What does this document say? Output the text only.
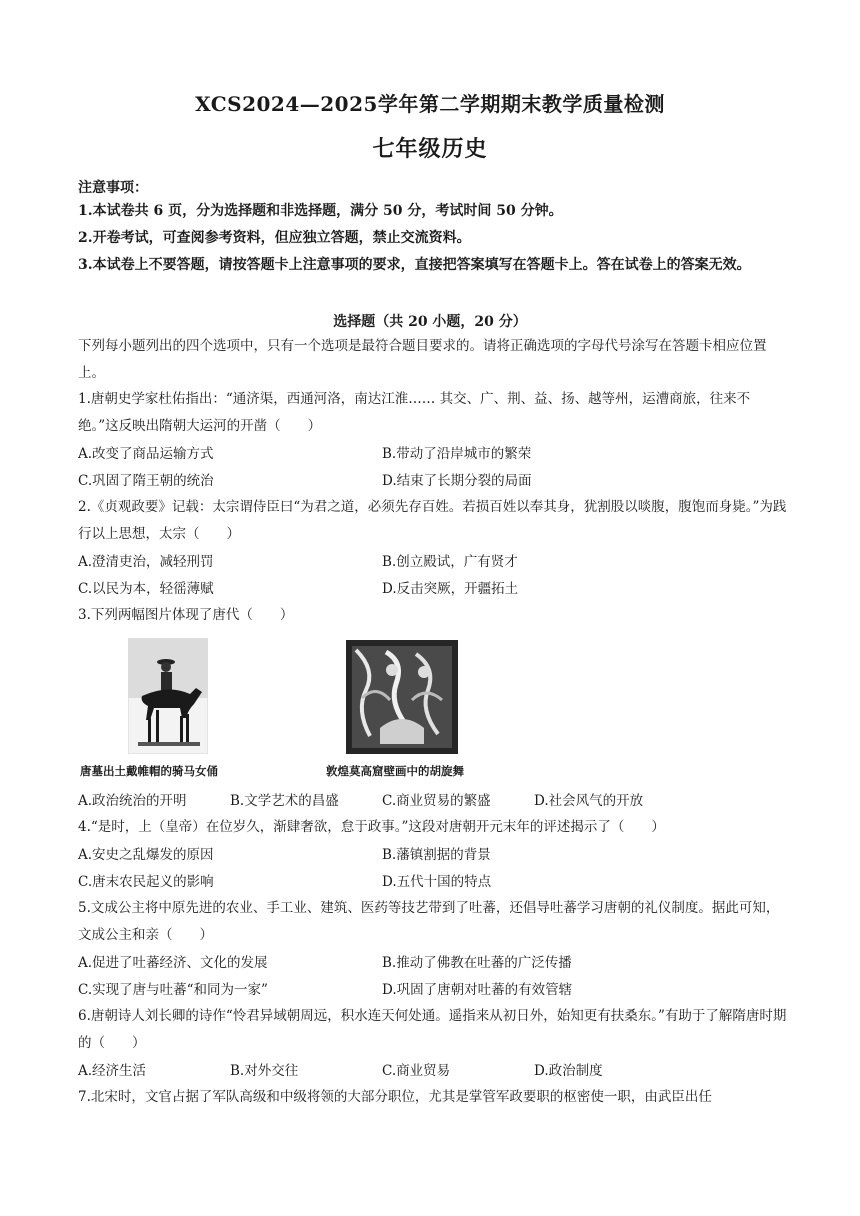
XCS2024—2025学年第二学期期末教学质量检测
七年级历史
注意事项：
1.本试卷共 6 页，分为选择题和非选择题，满分 50 分，考试时间 50 分钟。
2.开卷考试，可查阅参考资料，但应独立答题，禁止交流资料。
3.本试卷上不要答题，请按答题卡上注意事项的要求，直接把答案填写在答题卡上。答在试卷上的答案无效。
选择题（共 20 小题，20 分）
下列每小题列出的四个选项中，只有一个选项是最符合题目要求的。请将正确选项的字母代号涂写在答题卡相应位置上。
1.唐朝史学家杜佑指出：“通济渠，西通河洛，南达江淮…… 其交、广、荆、益、扬、越等州，运漕商旅，往来不绝。”这反映出隋朝大运河的开凿（　　）
A.改变了商品运输方式	B.带动了沿岸城市的繁荣
C.巩固了隋王朝的统治	D.结束了长期分裂的局面
2.《贞观政要》记载：太宗谓侍臣曰“为君之道，必须先存百姓。若损百姓以奉其身，犹割股以啖腹，腹饱而身毙。”为践行以上思想，太宗（　　）
A.澄清吏治，减轻刑罚	B.创立殿试，广有贤才
C.以民为本，轻徭薄赋	D.反击突厥，开疆拓土
3.下列两幅图片体现了唐代（　　）
唐墓出土戴帷帽的骑马女俑	敦煌莫高窟壁画中的胡旋舞
A.政治统治的开明	B.文学艺术的昌盛	C.商业贸易的繁盛	D.社会风气的开放
4.“是时，上（皇帝）在位岁久，渐肆奢欲，怠于政事。”这段对唐朝开元末年的评述揭示了（　　）
A.安史之乱爆发的原因	B.藩镇割据的背景
C.唐末农民起义的影响	D.五代十国的特点
5.文成公主将中原先进的农业、手工业、建筑、医药等技艺带到了吐蕃，还倡导吐蕃学习唐朝的礼仪制度。据此可知，文成公主和亲（　　）
A.促进了吐蕃经济、文化的发展	B.推动了佛教在吐蕃的广泛传播
C.实现了唐与吐蕃“和同为一家”	D.巩固了唐朝对吐蕃的有效管辖
6.唐朝诗人刘长卿的诗作“怜君异域朝周远，积水连天何处通。遥指来从初日外，始知更有扶桑东。”有助于了解隋唐时期的（　　）
A.经济生活	B.对外交往	C.商业贸易	D.政治制度
7.北宋时，文官占据了军队高级和中级将领的大部分职位，尤其是掌管军政要职的枢密使一职，由武臣出任
